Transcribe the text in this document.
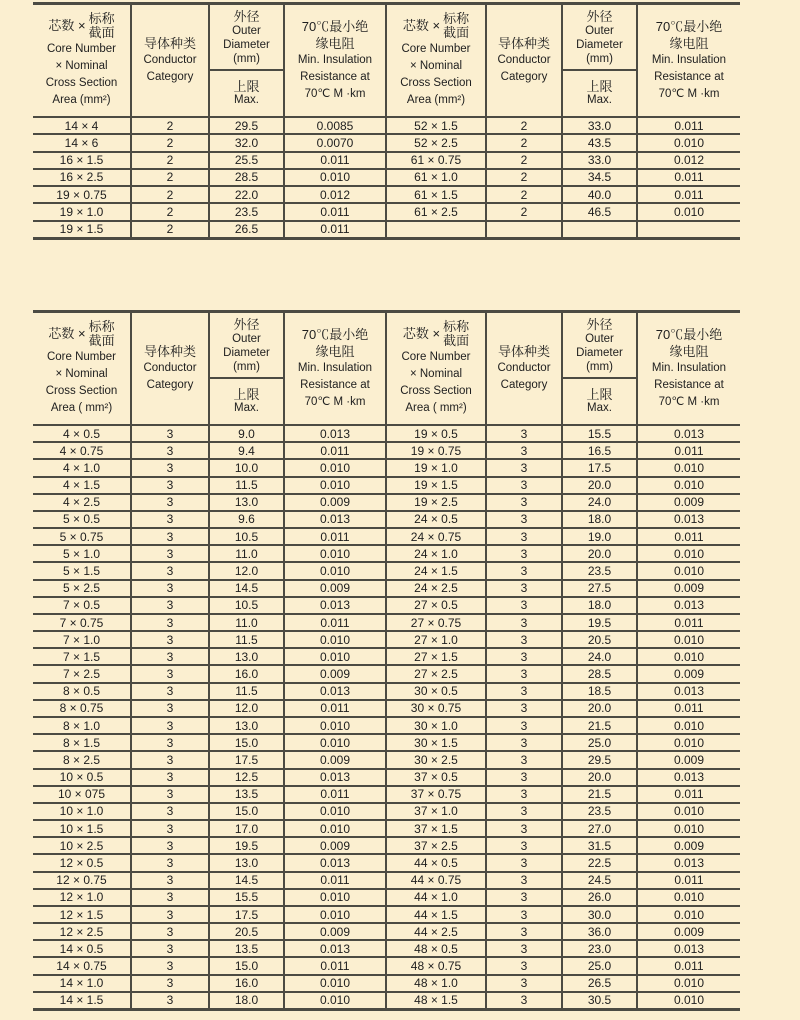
芯数 × 标称
截面
Core Number
× Nominal
Cross Section
Area (mm²)
导体种类
Conductor
Category
外径
Outer
Diameter
(mm)
上限
Max.
70℃最小绝
缘电阻
Min. Insulation
Resistance at
70℃ M ·km
芯数 × 标称
截面
Core Number
× Nominal
Cross Section
Area (mm²)
导体种类
Conductor
Category
外径
Outer
Diameter
(mm)
上限
Max.
70℃最小绝
缘电阻
Min. Insulation
Resistance at
70℃ M ·km
14 × 4	2	29.5	0.0085	52 × 1.5	2	33.0	0.011
14 × 6	2	32.0	0.0070	52 × 2.5	2	43.5	0.010
16 × 1.5	2	25.5	0.011	61 × 0.75	2	33.0	0.012
16 × 2.5	2	28.5	0.010	61 × 1.0	2	34.5	0.011
19 × 0.75	2	22.0	0.012	61 × 1.5	2	40.0	0.011
19 × 1.0	2	23.5	0.011	61 × 2.5	2	46.5	0.010
19 × 1.5	2	26.5	0.011
芯数 × 标称
截面
Core Number
× Nominal
Cross Section
Area ( mm²)
导体种类
Conductor
Category
外径
Outer
Diameter
(mm)
上限
Max.
70℃最小绝
缘电阻
Min. Insulation
Resistance at
70℃ M ·km
芯数 × 标称
截面
Core Number
× Nominal
Cross Section
Area ( mm²)
导体种类
Conductor
Category
外径
Outer
Diameter
(mm)
上限
Max.
70℃最小绝
缘电阻
Min. Insulation
Resistance at
70℃ M ·km
4 × 0.5	3	9.0	0.013	19 × 0.5	3	15.5	0.013
4 × 0.75	3	9.4	0.011	19 × 0.75	3	16.5	0.011
4 × 1.0	3	10.0	0.010	19 × 1.0	3	17.5	0.010
4 × 1.5	3	11.5	0.010	19 × 1.5	3	20.0	0.010
4 × 2.5	3	13.0	0.009	19 × 2.5	3	24.0	0.009
5 × 0.5	3	9.6	0.013	24 × 0.5	3	18.0	0.013
5 × 0.75	3	10.5	0.011	24 × 0.75	3	19.0	0.011
5 × 1.0	3	11.0	0.010	24 × 1.0	3	20.0	0.010
5 × 1.5	3	12.0	0.010	24 × 1.5	3	23.5	0.010
5 × 2.5	3	14.5	0.009	24 × 2.5	3	27.5	0.009
7 × 0.5	3	10.5	0.013	27 × 0.5	3	18.0	0.013
7 × 0.75	3	11.0	0.011	27 × 0.75	3	19.5	0.011
7 × 1.0	3	11.5	0.010	27 × 1.0	3	20.5	0.010
7 × 1.5	3	13.0	0.010	27 × 1.5	3	24.0	0.010
7 × 2.5	3	16.0	0.009	27 × 2.5	3	28.5	0.009
8 × 0.5	3	11.5	0.013	30 × 0.5	3	18.5	0.013
8 × 0.75	3	12.0	0.011	30 × 0.75	3	20.0	0.011
8 × 1.0	3	13.0	0.010	30 × 1.0	3	21.5	0.010
8 × 1.5	3	15.0	0.010	30 × 1.5	3	25.0	0.010
8 × 2.5	3	17.5	0.009	30 × 2.5	3	29.5	0.009
10 × 0.5	3	12.5	0.013	37 × 0.5	3	20.0	0.013
10 × 075	3	13.5	0.011	37 × 0.75	3	21.5	0.011
10 × 1.0	3	15.0	0.010	37 × 1.0	3	23.5	0.010
10 × 1.5	3	17.0	0.010	37 × 1.5	3	27.0	0.010
10 × 2.5	3	19.5	0.009	37 × 2.5	3	31.5	0.009
12 × 0.5	3	13.0	0.013	44 × 0.5	3	22.5	0.013
12 × 0.75	3	14.5	0.011	44 × 0.75	3	24.5	0.011
12 × 1.0	3	15.5	0.010	44 × 1.0	3	26.0	0.010
12 × 1.5	3	17.5	0.010	44 × 1.5	3	30.0	0.010
12 × 2.5	3	20.5	0.009	44 × 2.5	3	36.0	0.009
14 × 0.5	3	13.5	0.013	48 × 0.5	3	23.0	0.013
14 × 0.75	3	15.0	0.011	48 × 0.75	3	25.0	0.011
14 × 1.0	3	16.0	0.010	48 × 1.0	3	26.5	0.010
14 × 1.5	3	18.0	0.010	48 × 1.5	3	30.5	0.010
